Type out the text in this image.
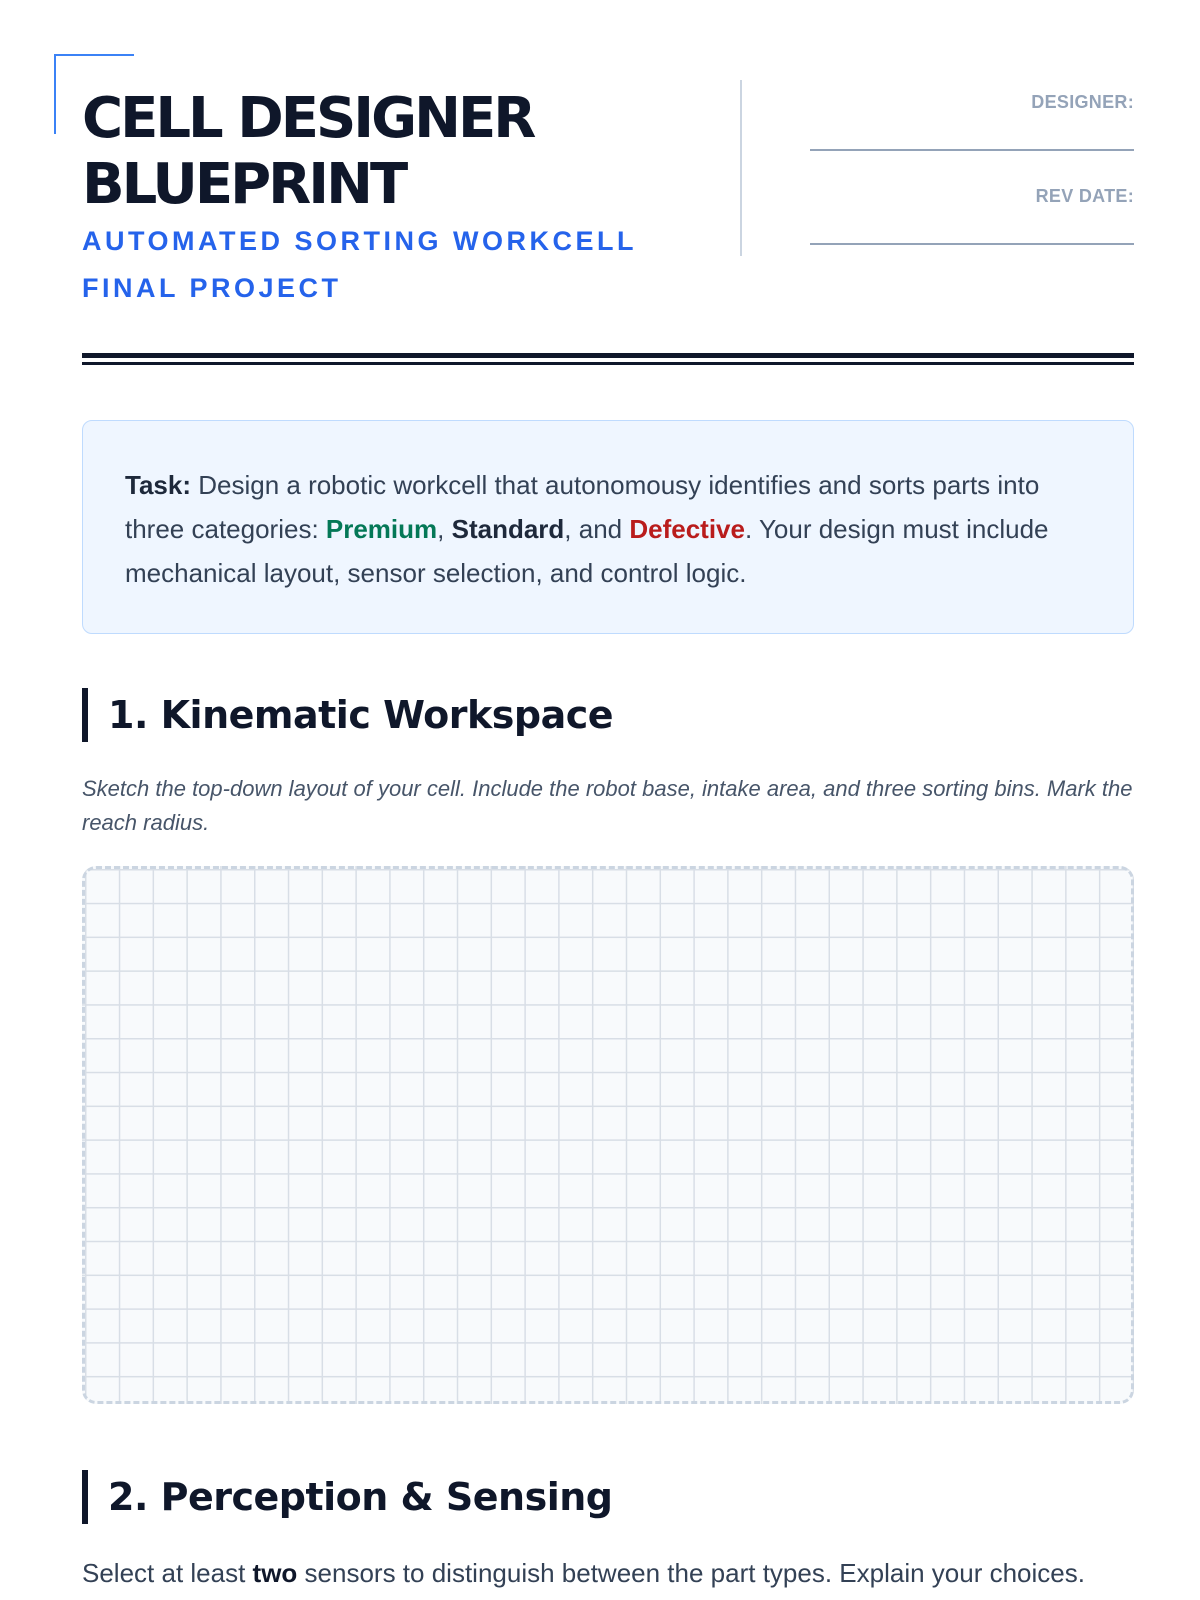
CELL DESIGNER
BLUEPRINT
AUTOMATED SORTING WORKCELL
FINAL PROJECT
DESIGNER:
REV DATE:
Task: Design a robotic workcell that autonomousy identifies and sorts parts into three categories: Premium, Standard, and Defective. Your design must include mechanical layout, sensor selection, and control logic.
1. Kinematic Workspace

Sketch the top-down layout of your cell. Include the robot base, intake area, and three sorting bins. Mark the reach radius.

2. Perception & Sensing

Select at least two sensors to distinguish between the part types. Explain your choices.
